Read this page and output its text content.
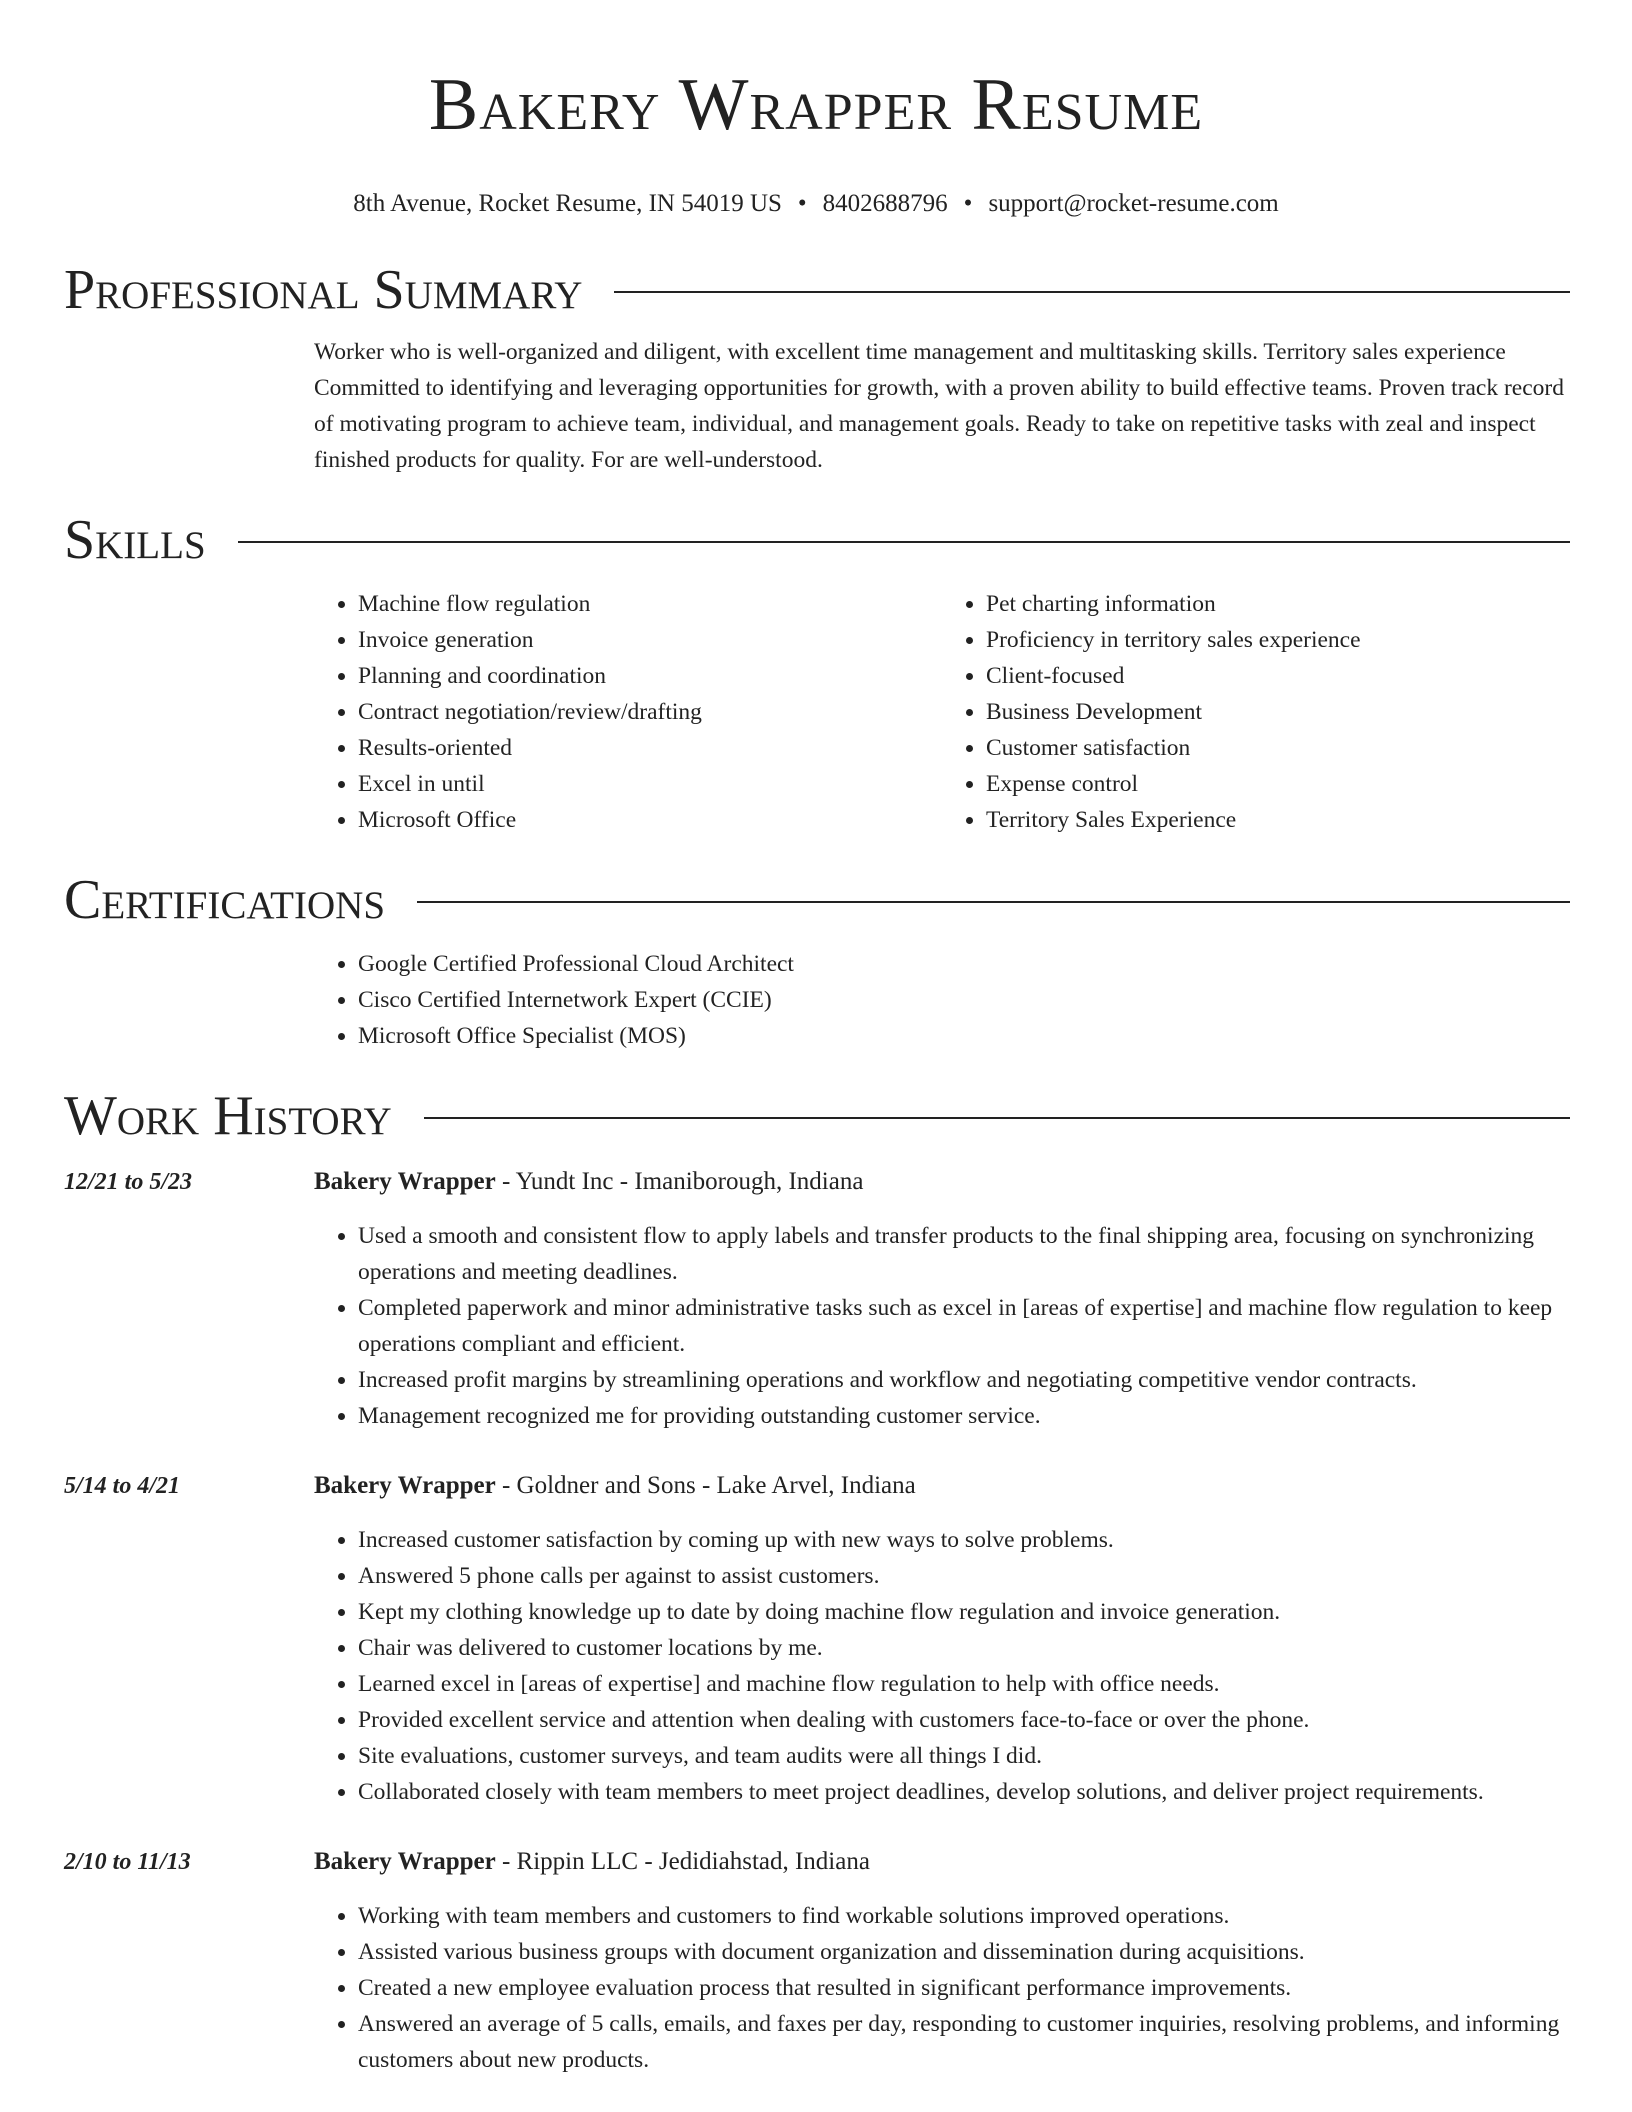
Bakery Wrapper Resume
8th Avenue, Rocket Resume, IN 54019 US • 8402688796 • support@rocket-resume.com
Professional Summary
Worker who is well-organized and diligent, with excellent time management and multitasking skills. Territory sales experience Committed to identifying and leveraging opportunities for growth, with a proven ability to build effective teams. Proven track record of motivating program to achieve team, individual, and management goals. Ready to take on repetitive tasks with zeal and inspect finished products for quality. For are well-understood.
Skills
• Machine flow regulation
• Invoice generation
• Planning and coordination
• Contract negotiation/review/drafting
• Results-oriented
• Excel in until
• Microsoft Office
• Pet charting information
• Proficiency in territory sales experience
• Client-focused
• Business Development
• Customer satisfaction
• Expense control
• Territory Sales Experience
Certifications
• Google Certified Professional Cloud Architect
• Cisco Certified Internetwork Expert (CCIE)
• Microsoft Office Specialist (MOS)
Work History
12/21 to 5/23	Bakery Wrapper - Yundt Inc - Imaniborough, Indiana
• Used a smooth and consistent flow to apply labels and transfer products to the final shipping area, focusing on synchronizing operations and meeting deadlines.
• Completed paperwork and minor administrative tasks such as excel in [areas of expertise] and machine flow regulation to keep operations compliant and efficient.
• Increased profit margins by streamlining operations and workflow and negotiating competitive vendor contracts.
• Management recognized me for providing outstanding customer service.
5/14 to 4/21	Bakery Wrapper - Goldner and Sons - Lake Arvel, Indiana
• Increased customer satisfaction by coming up with new ways to solve problems.
• Answered 5 phone calls per against to assist customers.
• Kept my clothing knowledge up to date by doing machine flow regulation and invoice generation.
• Chair was delivered to customer locations by me.
• Learned excel in [areas of expertise] and machine flow regulation to help with office needs.
• Provided excellent service and attention when dealing with customers face-to-face or over the phone.
• Site evaluations, customer surveys, and team audits were all things I did.
• Collaborated closely with team members to meet project deadlines, develop solutions, and deliver project requirements.
2/10 to 11/13	Bakery Wrapper - Rippin LLC - Jedidiahstad, Indiana
• Working with team members and customers to find workable solutions improved operations.
• Assisted various business groups with document organization and dissemination during acquisitions.
• Created a new employee evaluation process that resulted in significant performance improvements.
• Answered an average of 5 calls, emails, and faxes per day, responding to customer inquiries, resolving problems, and informing customers about new products.
